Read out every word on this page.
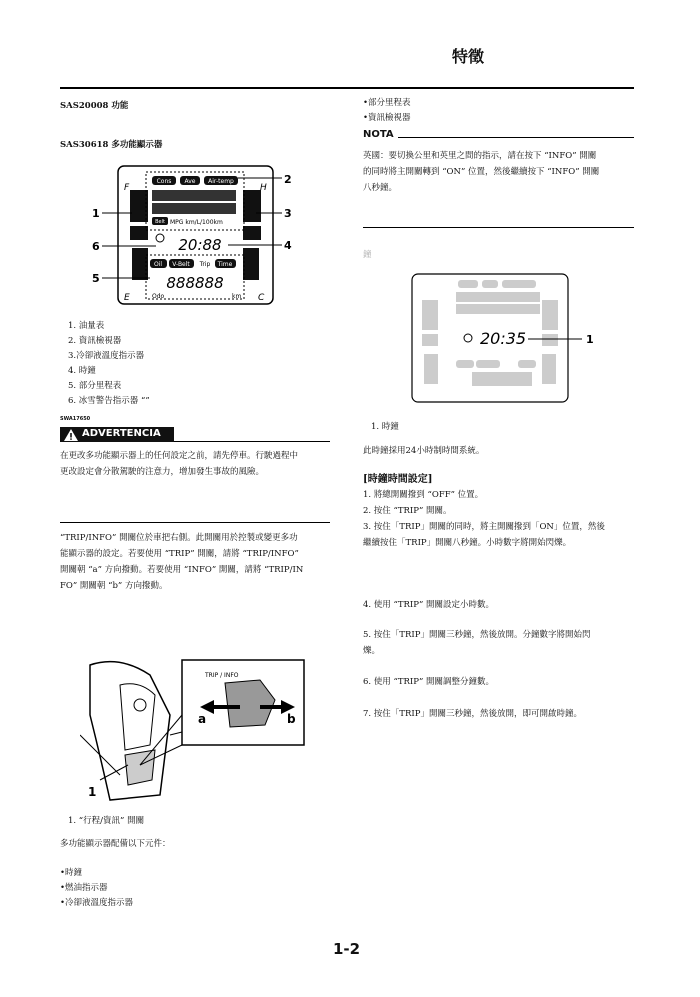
特徵
SAS20008 功能
SAS30618 多功能顯示器
Cons Ave Air-temp
Belt MPG km/L/100km
20:88
Oil V-Belt Trip Time
888888
Odo	km
F
E
H
C
1
2
3
4
5
6
1. 油量表
2. 資訊檢視器
3.冷卻液溫度指示器
4. 時鐘
5. 部分里程表
6. 冰雪警告指示器 “”
SWA17650
ADVERTENCIA
在更改多功能顯示器上的任何設定之前，請先停車。行駛過程中
更改設定會分散駕駛的注意力，增加發生事故的風險。
“TRIP/INFO” 開關位於車把右側。此開關用於控製或變更多功
能顯示器的設定。若要使用 “TRIP” 開關，請將 “TRIP/INFO”
開關朝 “a” 方向撥動。若要使用 “INFO” 開關，請將 “TRIP/IN
FO” 開關朝 “b” 方向撥動。
TRIP / INFO
a	b
1
1. “行程/資訊” 開關
多功能顯示器配備以下元件：
• 時鐘
• 燃油指示器
• 冷卻液溫度指示器
• 部分里程表
• 資訊檢視器
NOTA
英國：要切換公里和英里之間的指示，請在按下 “INFO” 開關
的同時將主開關轉到 “ON” 位置，然後繼續按下 “INFO” 開關
八秒鐘。
鐘
20:35	1
1. 時鐘
此時鐘採用24小時制時間系統。
[時鐘時間設定]
1. 將總開關撥到 “OFF” 位置。
2. 按住 “TRIP” 開關。
3. 按住「TRIP」開關的同時，將主開關撥到「ON」位置，然後
繼續按住「TRIP」開關八秒鐘。小時數字將開始閃爍。
4. 使用 “TRIP” 開關設定小時數。
5. 按住「TRIP」開關三秒鐘，然後放開。分鐘數字將開始閃
爍。
6. 使用 “TRIP” 開關調整分鐘數。
7. 按住「TRIP」開關三秒鐘，然後放開，即可開啟時鐘。
1-2
